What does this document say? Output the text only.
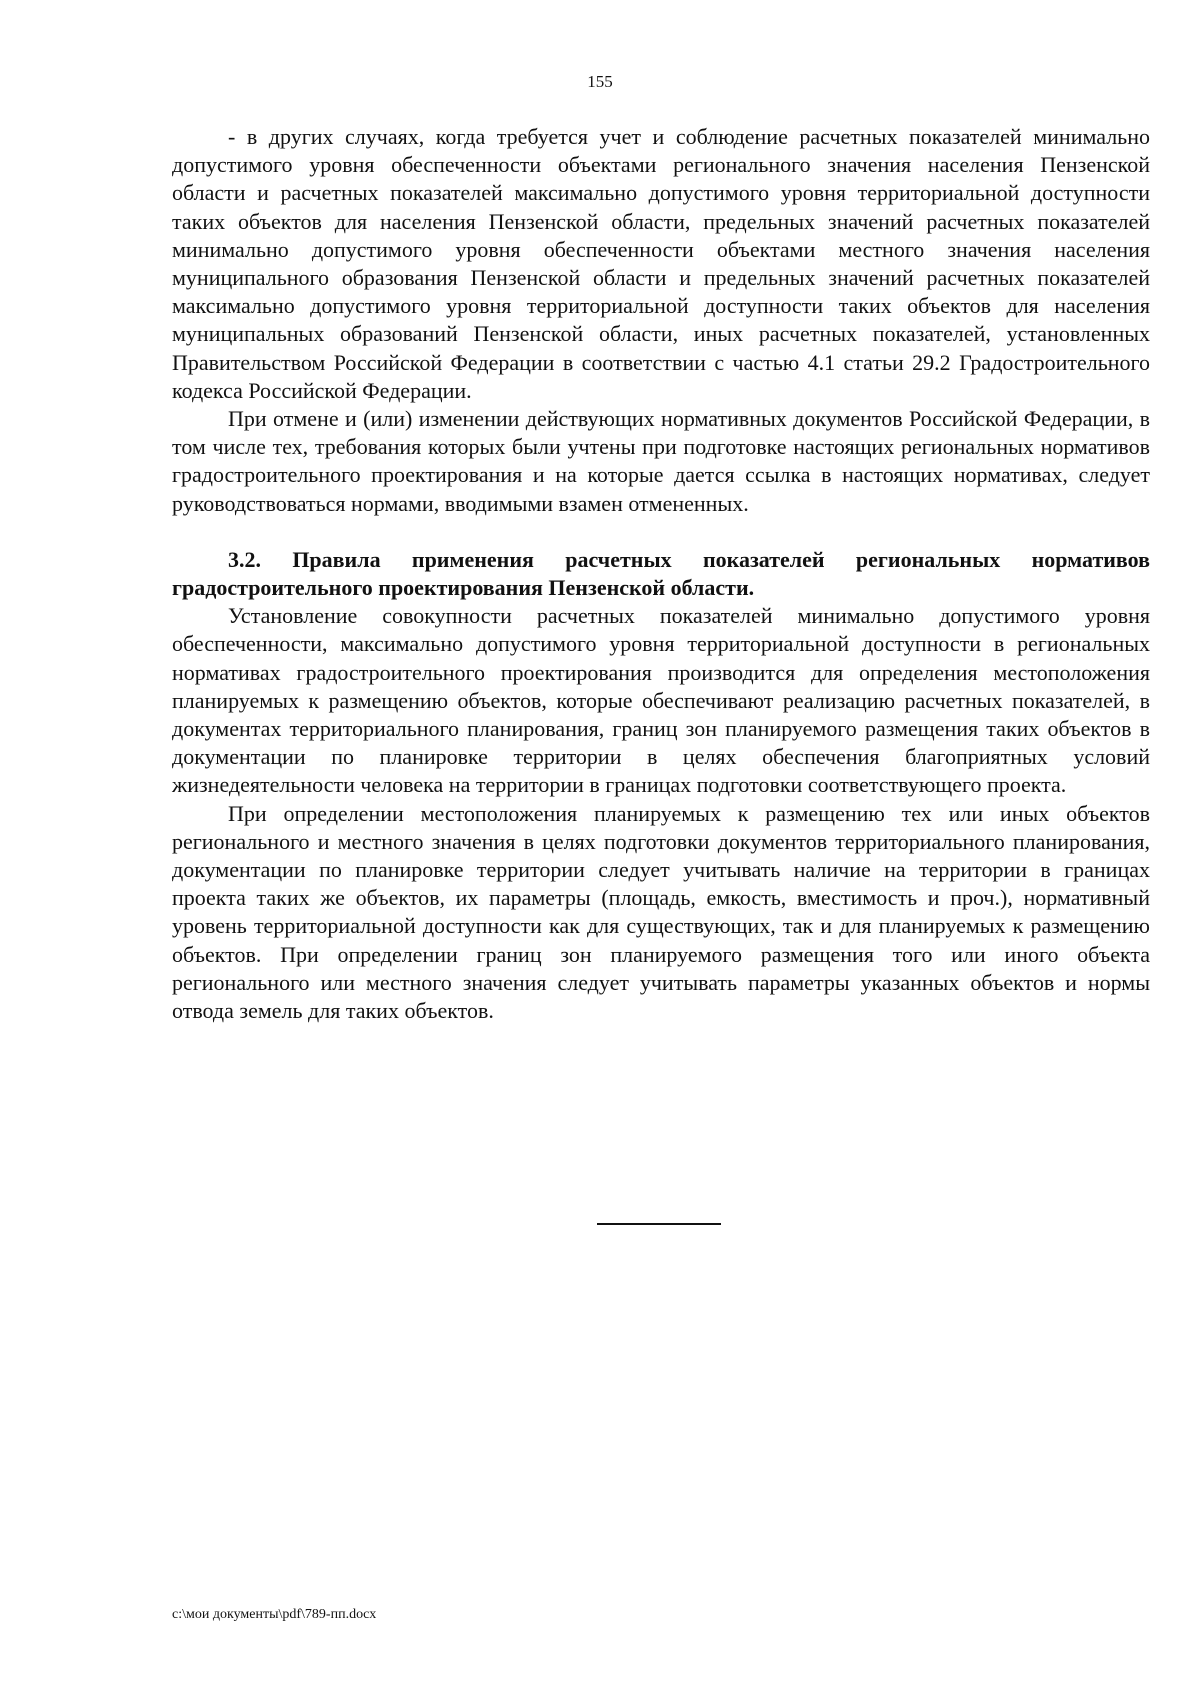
155

- в других случаях, когда требуется учет и соблюдение расчетных показателей минимально допустимого уровня обеспеченности объектами регионального значения населения Пензенской области и расчетных показателей максимально допустимого уровня территориальной доступности таких объектов для населения Пензенской области, предельных значений расчетных показателей минимально допустимого уровня обеспеченности объектами местного значения населения муниципального образования Пензенской области и предельных значений расчетных показателей максимально допустимого уровня территориальной доступности таких объектов для населения муниципальных образований Пензенской области, иных расчетных показателей, установленных Правительством Российской Федерации в соответствии с частью 4.1 статьи 29.2 Градостроительного кодекса Российской Федерации.

При отмене и (или) изменении действующих нормативных документов Российской Федерации, в том числе тех, требования которых были учтены при подготовке настоящих региональных нормативов градостроительного проектирования и на которые дается ссылка в настоящих нормативах, следует руководствоваться нормами, вводимыми взамен отмененных.

3.2. Правила применения расчетных показателей региональных нормативов градостроительного проектирования Пензенской области.

Установление совокупности расчетных показателей минимально допустимого уровня обеспеченности, максимально допустимого уровня территориальной доступности в региональных нормативах градостроительного проектирования производится для определения местоположения планируемых к размещению объектов, которые обеспечивают реализацию расчетных показателей, в документах территориального планирования, границ зон планируемого размещения таких объектов в документации по планировке территории в целях обеспечения благоприятных условий жизнедеятельности человека на территории в границах подготовки соответствующего проекта.

При определении местоположения планируемых к размещению тех или иных объектов регионального и местного значения в целях подготовки документов территориального планирования, документации по планировке территории следует учитывать наличие на территории в границах проекта таких же объектов, их параметры (площадь, емкость, вместимость и проч.), нормативный уровень территориальной доступности как для существующих, так и для планируемых к размещению объектов. При определении границ зон планируемого размещения того или иного объекта регионального или местного значения следует учитывать параметры указанных объектов и нормы отвода земель для таких объектов.

c:\мои документы\pdf\789-пп.docx
